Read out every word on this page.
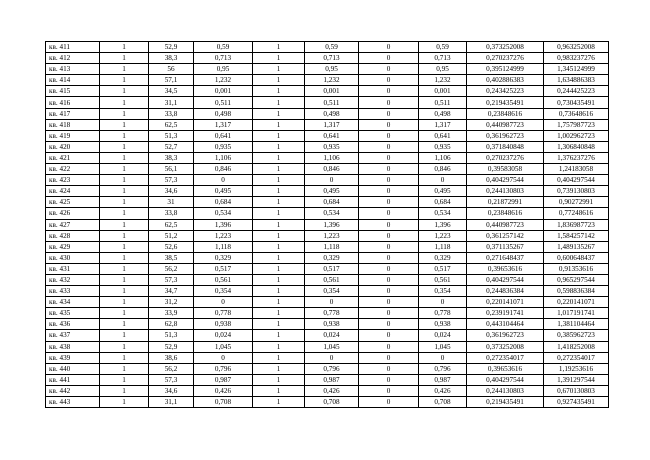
кв. 411	1	52,9	0,59	1	0,59	0	0,59	0,373252008	0,963252008
кв. 412	1	38,3	0,713	1	0,713	0	0,713	0,270237276	0,983237276
кв. 413	1	56	0,95	1	0,95	0	0,95	0,395124999	1,345124999
кв. 414	1	57,1	1,232	1	1,232	0	1,232	0,402886383	1,634886383
кв. 415	1	34,5	0,001	1	0,001	0	0,001	0,243425223	0,244425223
кв. 416	1	31,1	0,511	1	0,511	0	0,511	0,219435491	0,730435491
кв. 417	1	33,8	0,498	1	0,498	0	0,498	0,23848616	0,73648616
кв. 418	1	62,5	1,317	1	1,317	0	1,317	0,440987723	1,757987723
кв. 419	1	51,3	0,641	1	0,641	0	0,641	0,361962723	1,002962723
кв. 420	1	52,7	0,935	1	0,935	0	0,935	0,371840848	1,306840848
кв. 421	1	38,3	1,106	1	1,106	0	1,106	0,270237276	1,376237276
кв. 422	1	56,1	0,846	1	0,846	0	0,846	0,39583058	1,24183058
кв. 423	1	57,3	0	1	0	0	0	0,404297544	0,404297544
кв. 424	1	34,6	0,495	1	0,495	0	0,495	0,244130803	0,739130803
кв. 425	1	31	0,684	1	0,684	0	0,684	0,21872991	0,90272991
кв. 426	1	33,8	0,534	1	0,534	0	0,534	0,23848616	0,77248616
кв. 427	1	62,5	1,396	1	1,396	0	1,396	0,440987723	1,836987723
кв. 428	1	51,2	1,223	1	1,223	0	1,223	0,361257142	1,584257142
кв. 429	1	52,6	1,118	1	1,118	0	1,118	0,371135267	1,489135267
кв. 430	1	38,5	0,329	1	0,329	0	0,329	0,271648437	0,600648437
кв. 431	1	56,2	0,517	1	0,517	0	0,517	0,39653616	0,91353616
кв. 432	1	57,3	0,561	1	0,561	0	0,561	0,404297544	0,965297544
кв. 433	1	34,7	0,354	1	0,354	0	0,354	0,244836384	0,598836384
кв. 434	1	31,2	0	1	0	0	0	0,220141071	0,220141071
кв. 435	1	33,9	0,778	1	0,778	0	0,778	0,239191741	1,017191741
кв. 436	1	62,8	0,938	1	0,938	0	0,938	0,443104464	1,381104464
кв. 437	1	51,3	0,024	1	0,024	0	0,024	0,361962723	0,385962723
кв. 438	1	52,9	1,045	1	1,045	0	1,045	0,373252008	1,418252008
кв. 439	1	38,6	0	1	0	0	0	0,272354017	0,272354017
кв. 440	1	56,2	0,796	1	0,796	0	0,796	0,39653616	1,19253616
кв. 441	1	57,3	0,987	1	0,987	0	0,987	0,404297544	1,391297544
кв. 442	1	34,6	0,426	1	0,426	0	0,426	0,244130803	0,670130803
кв. 443	1	31,1	0,708	1	0,708	0	0,708	0,219435491	0,927435491
